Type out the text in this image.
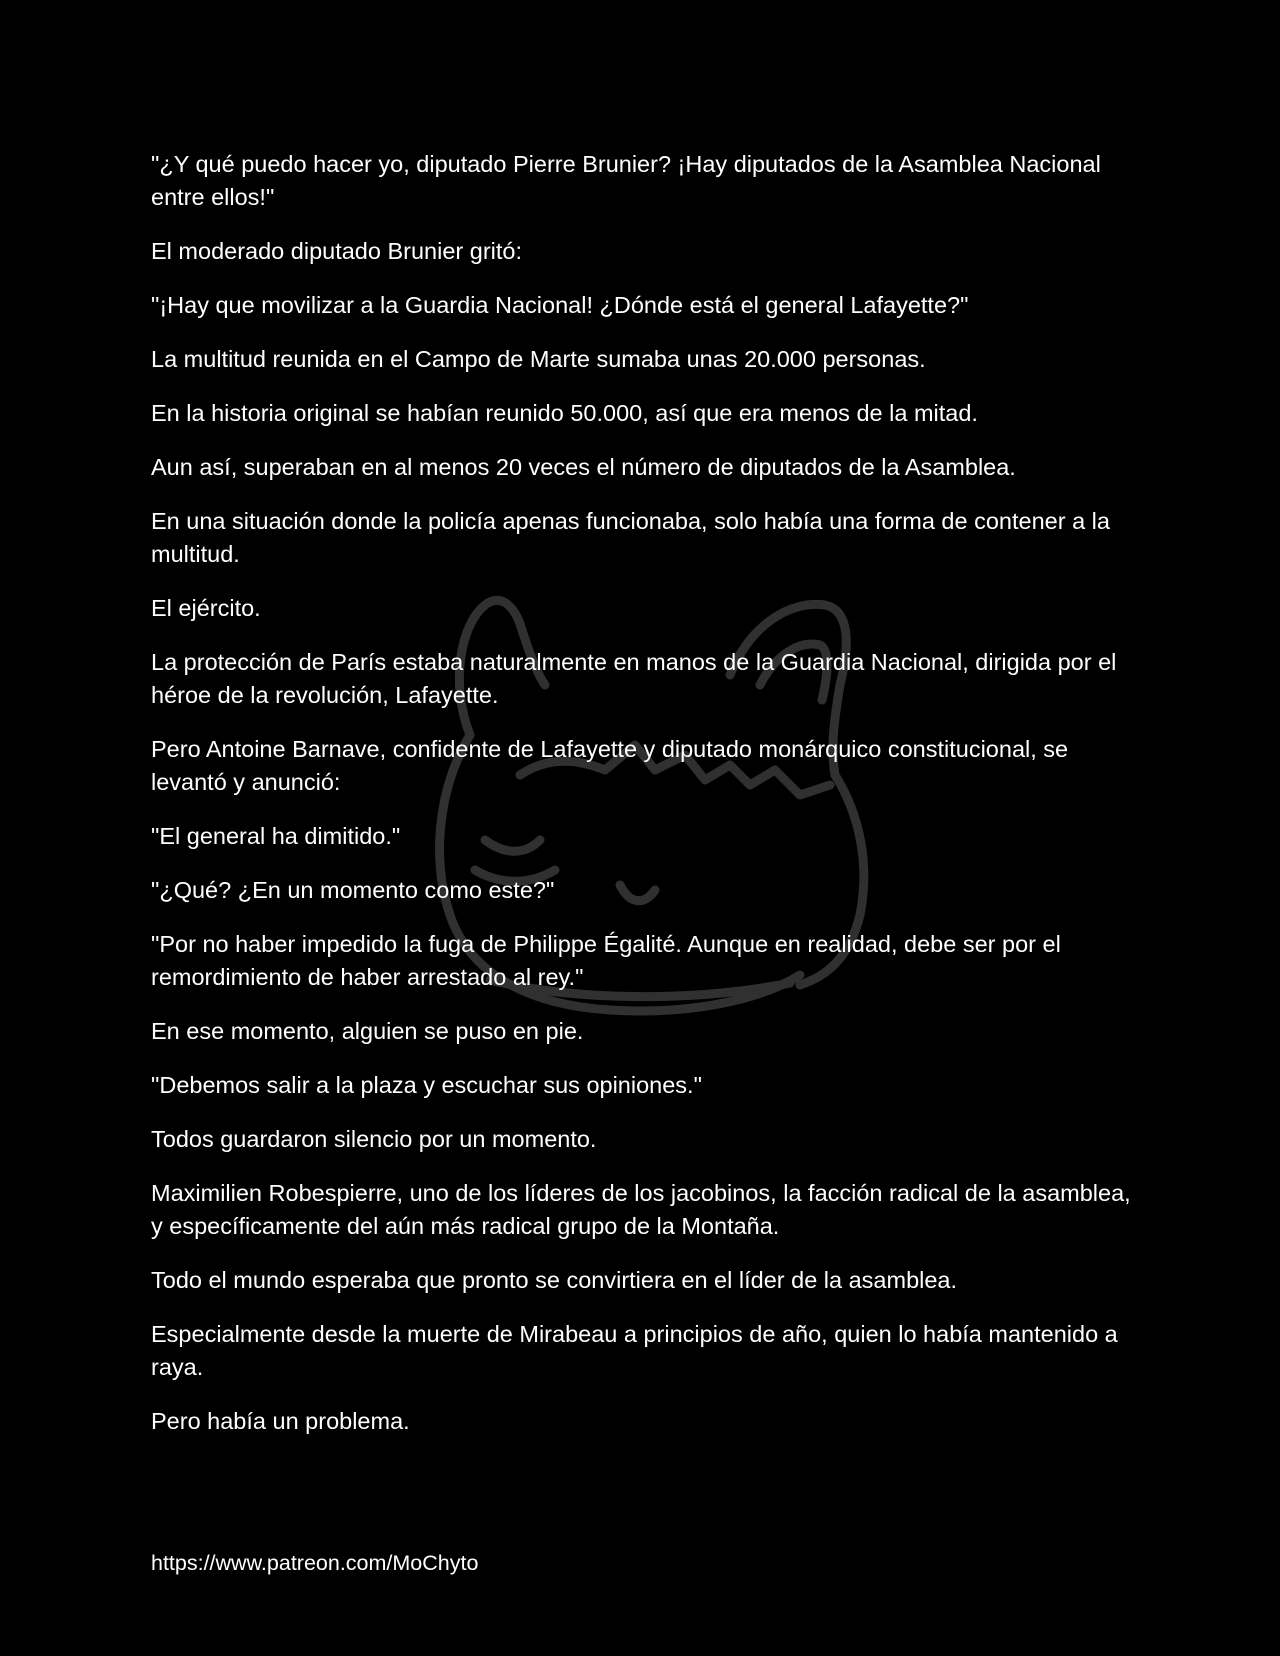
"¿Y qué puedo hacer yo, diputado Pierre Brunier? ¡Hay diputados de la Asamblea Nacional entre ellos!"

El moderado diputado Brunier gritó:

"¡Hay que movilizar a la Guardia Nacional! ¿Dónde está el general Lafayette?"

La multitud reunida en el Campo de Marte sumaba unas 20.000 personas.

En la historia original se habían reunido 50.000, así que era menos de la mitad.

Aun así, superaban en al menos 20 veces el número de diputados de la Asamblea.

En una situación donde la policía apenas funcionaba, solo había una forma de contener a la multitud.

El ejército.

La protección de París estaba naturalmente en manos de la Guardia Nacional, dirigida por el héroe de la revolución, Lafayette.

Pero Antoine Barnave, confidente de Lafayette y diputado monárquico constitucional, se levantó y anunció:

"El general ha dimitido."

"¿Qué? ¿En un momento como este?"

"Por no haber impedido la fuga de Philippe Égalité. Aunque en realidad, debe ser por el remordimiento de haber arrestado al rey."

En ese momento, alguien se puso en pie.

"Debemos salir a la plaza y escuchar sus opiniones."

Todos guardaron silencio por un momento.

Maximilien Robespierre, uno de los líderes de los jacobinos, la facción radical de la asamblea, y específicamente del aún más radical grupo de la Montaña.

Todo el mundo esperaba que pronto se convirtiera en el líder de la asamblea.

Especialmente desde la muerte de Mirabeau a principios de año, quien lo había mantenido a raya.

Pero había un problema.

https://www.patreon.com/MoChyto
